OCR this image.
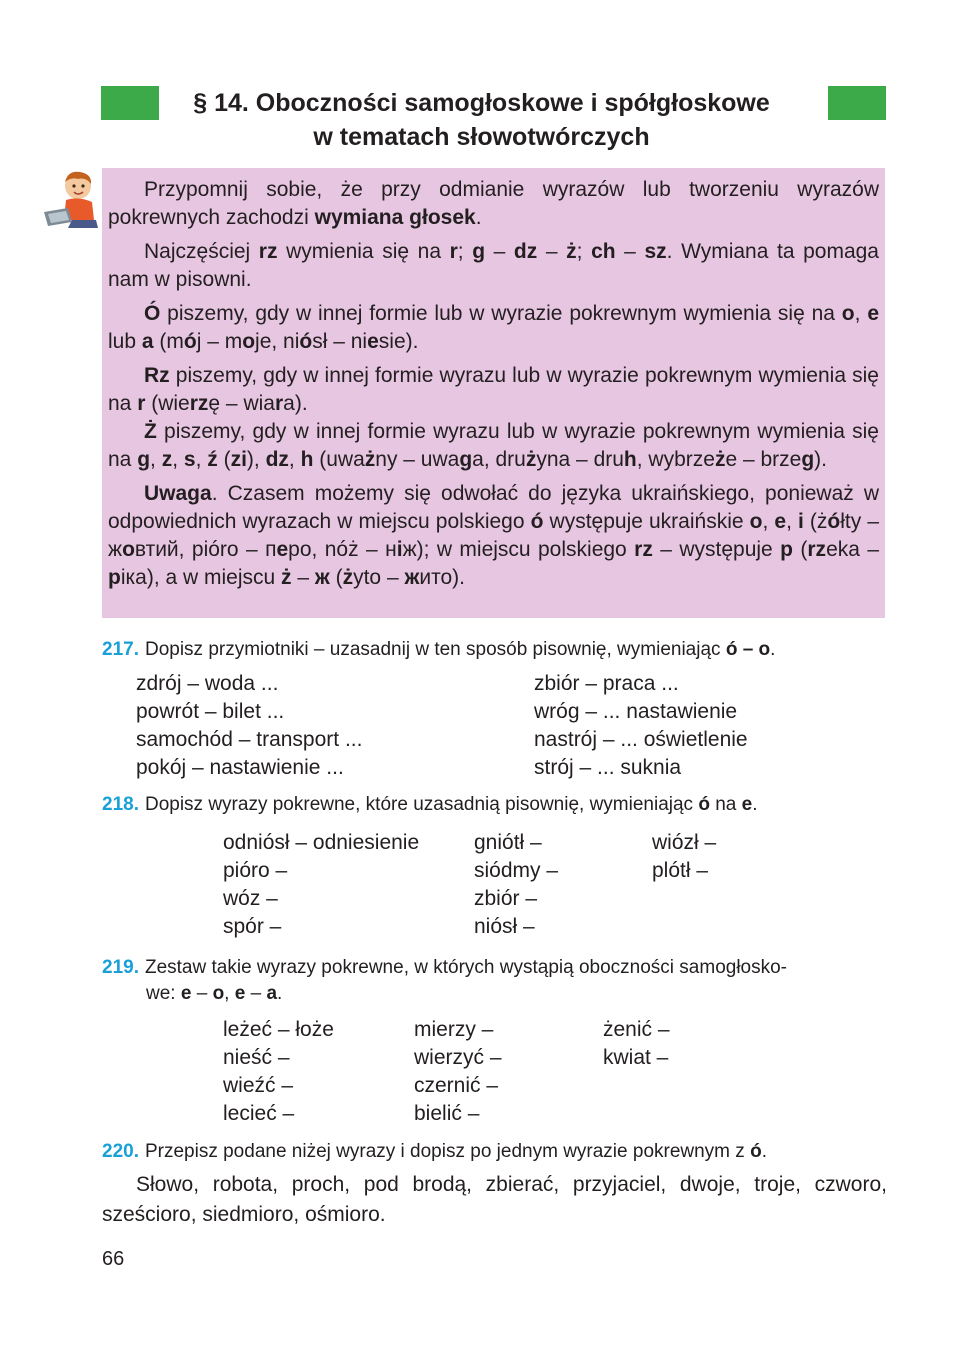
§ 14. Oboczności samogłoskowe i spółgłoskowe
w tematach słowotwórczych

Przypomnij sobie, że przy odmianie wyrazów lub tworzeniu wyrazów pokrewnych zachodzi wymiana głosek.

Najczęściej rz wymienia się na r; g – dz – ż; ch – sz. Wymiana ta pomaga nam w pisowni.

Ó piszemy, gdy w innej formie lub w wyrazie pokrewnym wymienia się na o, e lub a (mój – moje, niósł – niesie).

Rz piszemy, gdy w innej formie wyrazu lub w wyrazie pokrewnym wymienia się na r (wierzę – wiara).

Ż piszemy, gdy w innej formie wyrazu lub w wyrazie pokrewnym wymienia się na g, z, s, ź (zi), dz, h (uważny – uwaga, drużyna – druh, wybrzeże – brzeg).

Uwaga. Czasem możemy się odwołać do języka ukraińskiego, ponieważ w odpowiednich wyrazach w miejscu polskiego ó występuje ukraińskie o, e, i (żółty – жовтий, pióro – перо, nóż – ніж); w miejscu polskiego rz – występuje р (rzeka – ріка), a w miejscu ż – ж (żyto – жито).

217. Dopisz przymiotniki – uzasadnij w ten sposób pisownię, wymieniając ó – o.
zdrój – woda ...
powrót – bilet ...
samochód – transport ...
pokój – nastawienie ...
zbiór – praca ...
wróg – ... nastawienie
nastrój – ... oświetlenie
strój – ... suknia
218. Dopisz wyrazy pokrewne, które uzasadnią pisownię, wymieniając ó na e.
odniósł – odniesienie
pióro –
wóz –
spór –
gniótł –
siódmy –
zbiór –
niósł –
wiózł –
plótł –
219. Zestaw takie wyrazy pokrewne, w których wystąpią oboczności samogłosko-
we: e – o, e – a.
leżeć – łoże
nieść –
wieźć –
lecieć –
mierzy –
wierzyć –
czernić –
bielić –
żenić –
kwiat –
220. Przepisz podane niżej wyrazy i dopisz po jednym wyrazie pokrewnym z ó.
Słowo, robota, proch, pod brodą, zbierać, przyjaciel, dwoje, troje, czworo, sześcioro, siedmioro, ośmioro.
66
